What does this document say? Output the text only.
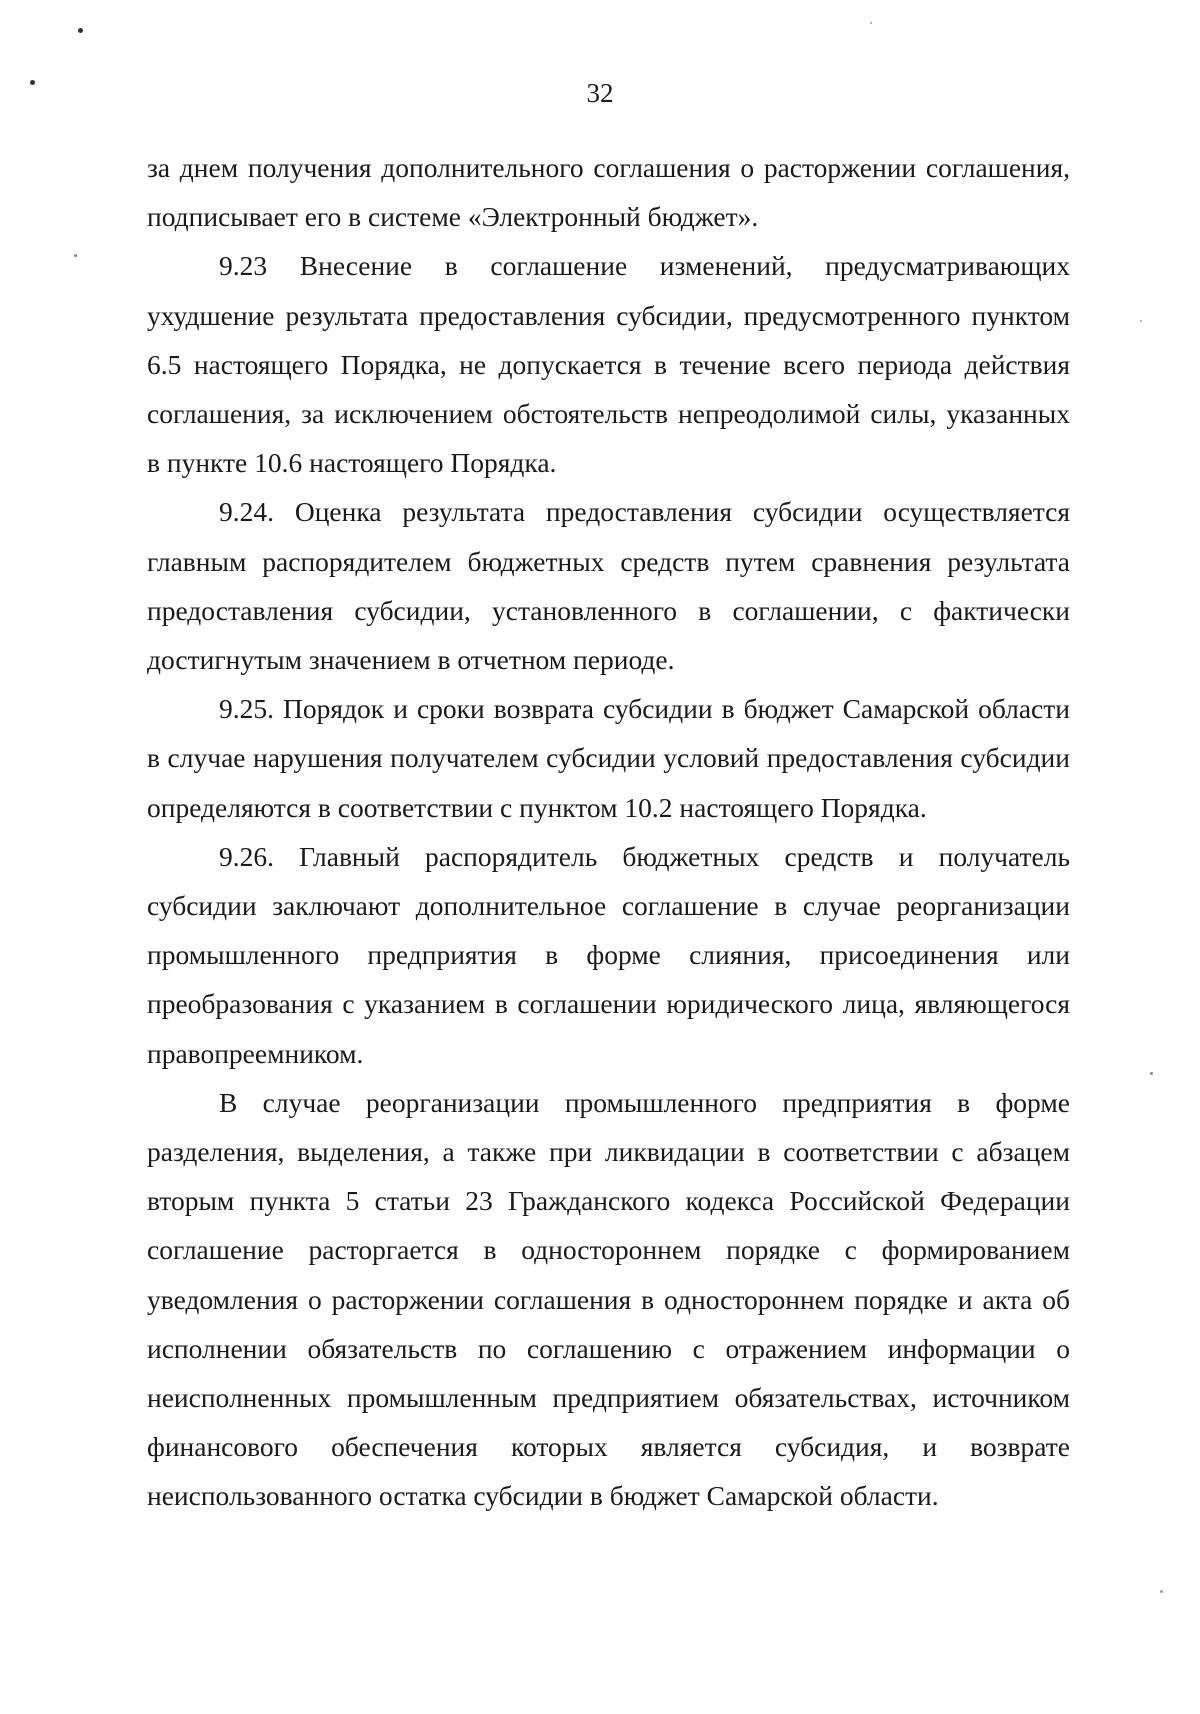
32

за днем получения дополнительного соглашения о расторжении соглашения, подписывает его в системе «Электронный бюджет».

9.23 Внесение в соглашение изменений, предусматривающих ухудшение результата предоставления субсидии, предусмотренного пунктом 6.5 настоящего Порядка, не допускается в течение всего периода действия соглашения, за исключением обстоятельств непреодолимой силы, указанных в пункте 10.6 настоящего Порядка.

9.24. Оценка результата предоставления субсидии осуществляется главным распорядителем бюджетных средств путем сравнения результата предоставления субсидии, установленного в соглашении, с фактически достигнутым значением в отчетном периоде.

9.25. Порядок и сроки возврата субсидии в бюджет Самарской области в случае нарушения получателем субсидии условий предоставления субсидии определяются в соответствии с пунктом 10.2 настоящего Порядка.

9.26. Главный распорядитель бюджетных средств и получатель субсидии заключают дополнительное соглашение в случае реорганизации промышленного предприятия в форме слияния, присоединения или преобразования с указанием в соглашении юридического лица, являющегося правопреемником.

В случае реорганизации промышленного предприятия в форме разделения, выделения, а также при ликвидации в соответствии с абзацем вторым пункта 5 статьи 23 Гражданского кодекса Российской Федерации соглашение расторгается в одностороннем порядке с формированием уведомления о расторжении соглашения в одностороннем порядке и акта об исполнении обязательств по соглашению с отражением информации о неисполненных промышленным предприятием обязательствах, источником финансового обеспечения которых является субсидия, и возврате неиспользованного остатка субсидии в бюджет Самарской области.
